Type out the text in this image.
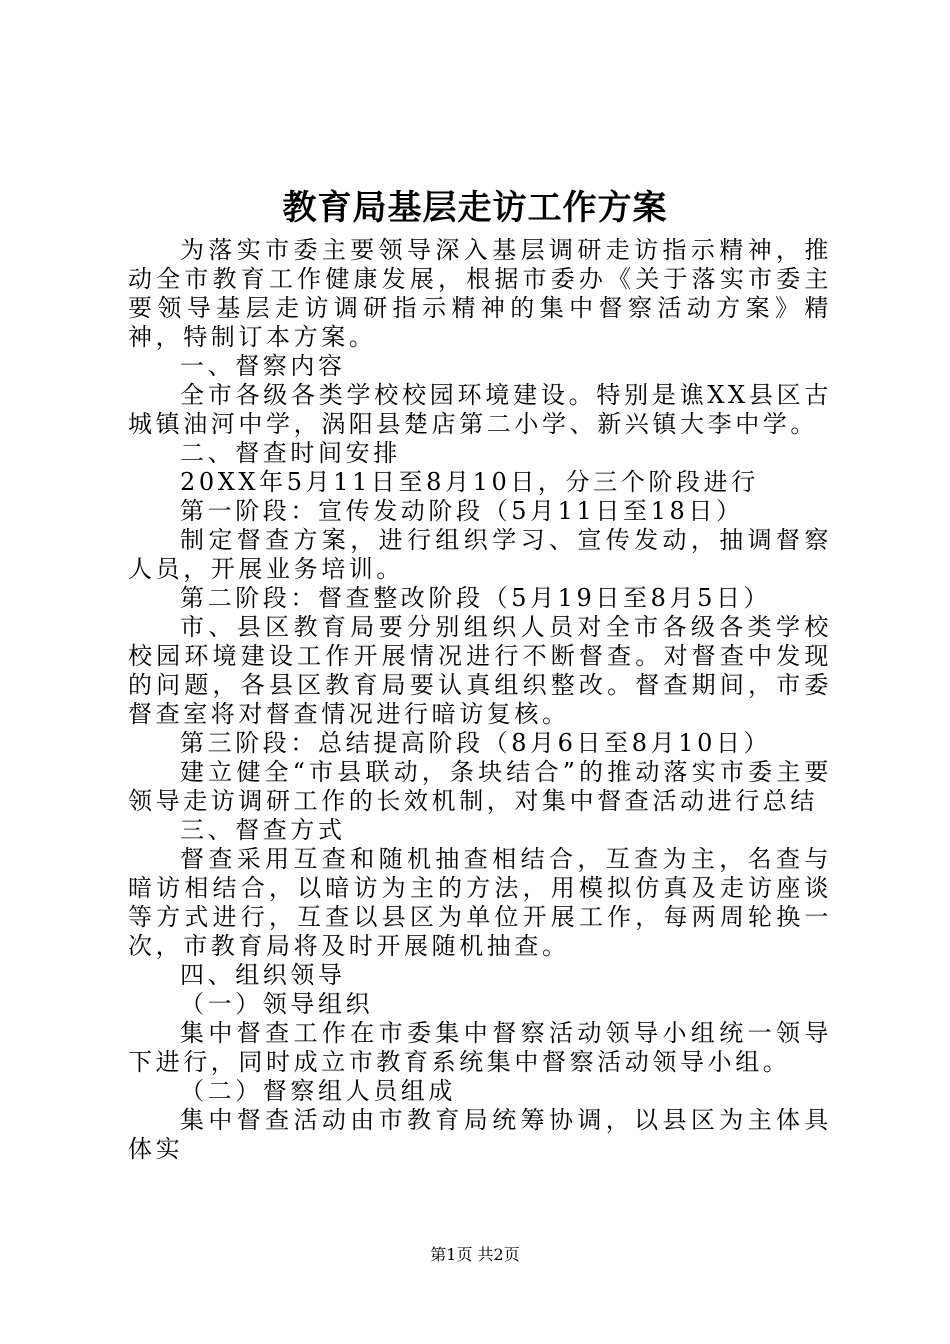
教育局基层走访工作方案

为落实市委主要领导深入基层调研走访指示精神，推动全市教育工作健康发展，根据市委办《关于落实市委主要领导基层走访调研指示精神的集中督察活动方案》精神，特制订本方案。

一、督察内容

全市各级各类学校校园环境建设。特别是谯XX县区古城镇油河中学，涡阳县楚店第二小学、新兴镇大李中学。

二、督查时间安排

20XX年5月11日至8月10日，分三个阶段进行

第一阶段：宣传发动阶段（5月11日至18日）

制定督查方案，进行组织学习、宣传发动，抽调督察人员，开展业务培训。

第二阶段：督查整改阶段（5月19日至8月5日）

市、县区教育局要分别组织人员对全市各级各类学校校园环境建设工作开展情况进行不断督查。对督查中发现的问题，各县区教育局要认真组织整改。督查期间，市委督查室将对督查情况进行暗访复核。

第三阶段：总结提高阶段（8月6日至8月10日）

建立健全“市县联动，条块结合”的推动落实市委主要领导走访调研工作的长效机制，对集中督查活动进行总结

三、督查方式

督查采用互查和随机抽查相结合，互查为主，名查与暗访相结合，以暗访为主的方法，用模拟仿真及走访座谈等方式进行，互查以县区为单位开展工作，每两周轮换一次，市教育局将及时开展随机抽查。

四、组织领导

（一）领导组织

集中督查工作在市委集中督察活动领导小组统一领导下进行，同时成立市教育系统集中督察活动领导小组。

（二）督察组人员组成

集中督查活动由市教育局统筹协调，以县区为主体具体实

第1页 共2页
